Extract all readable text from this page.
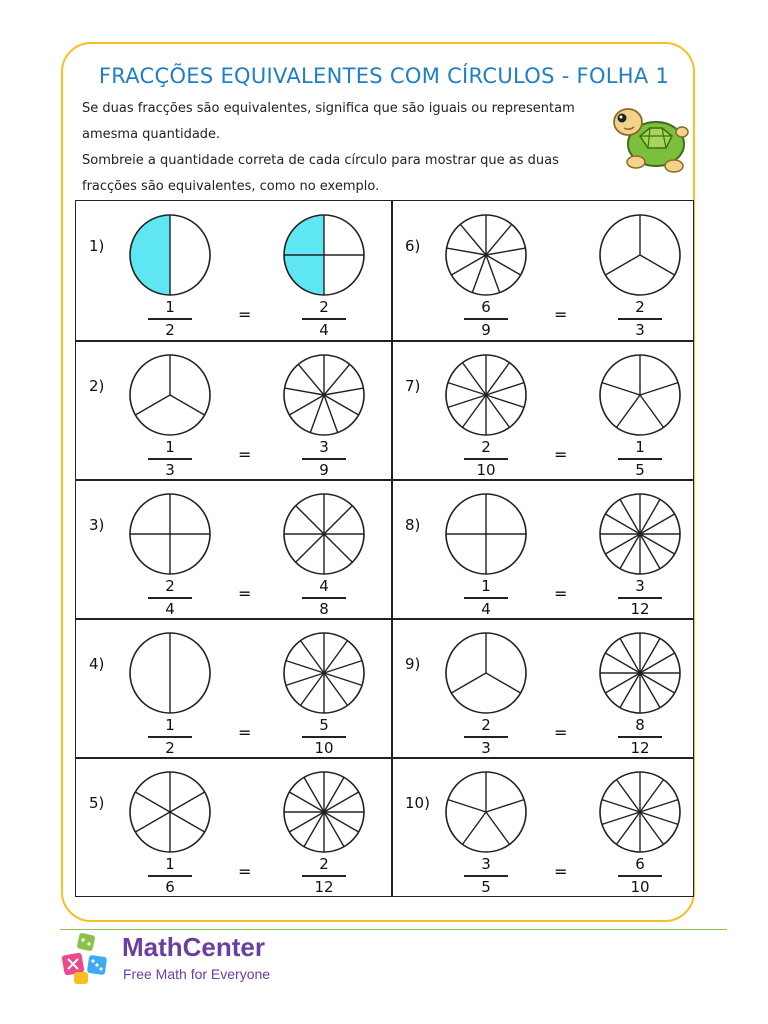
FRACÇÕES EQUIVALENTES COM CÍRCULOS - FOLHA 1
Se duas fracções são equivalentes, significa que são iguais ou representam
amesma quantidade.
Sombreie a quantidade correta de cada círculo para mostrar que as duas
fracções são equivalentes, como no exemplo.
1)
1
2
2
4
=
2)
1
3
3
9
=
3)
2
4
4
8
=
4)
1
2
5
10
=
5)
1
6
2
12
=
6)
6
9
2
3
=
7)
2
10
1
5
=
8)
1
4
3
12
=
9)
2
3
8
12
=
10)
3
5
6
10
=
MathCenter
Free Math for Everyone
